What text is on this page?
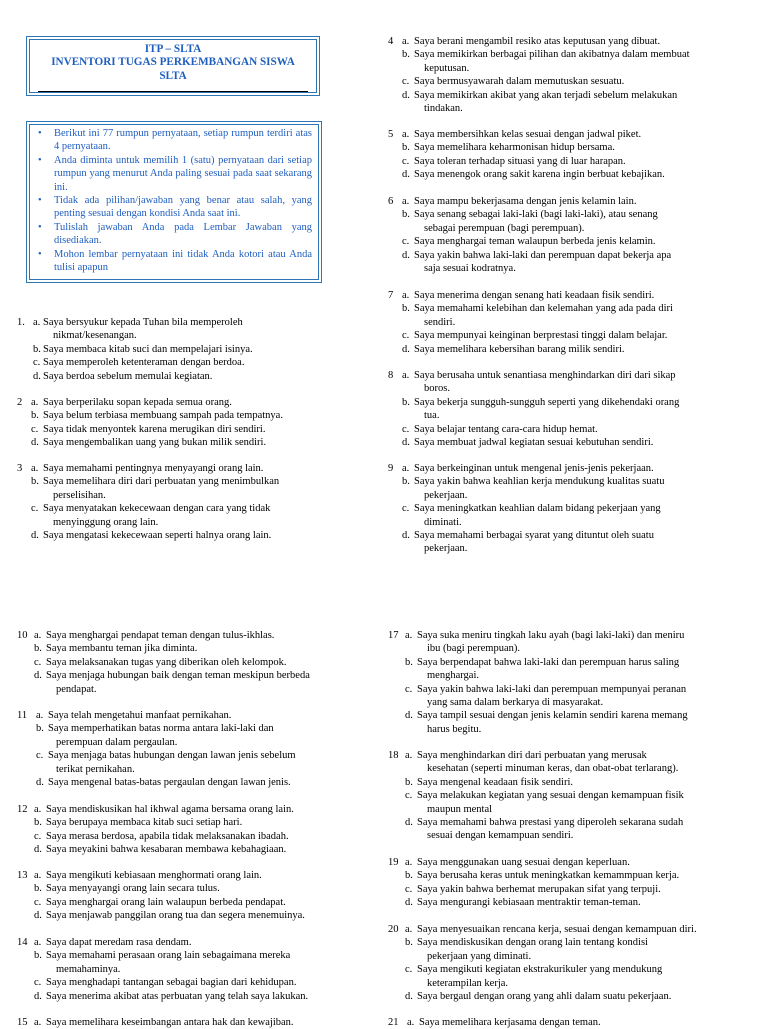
ITP – SLTA
INVENTORI TUGAS PERKEMBANGAN SISWA
SLTA
• Berikut ini 77 rumpun pernyataan, setiap rumpun terdiri atas 4 pernyataan.
• Anda diminta untuk memilih 1 (satu) pernyataan dari setiap rumpun yang menurut Anda paling sesuai pada saat sekarang ini.
• Tidak ada pilihan/jawaban yang benar atau salah, yang penting sesuai dengan kondisi Anda saat ini.
• Tulislah jawaban Anda pada Lembar Jawaban yang disediakan.
• Mohon lembar pernyataan ini tidak Anda kotori atau Anda tulisi apapun
1. a. Saya bersyukur kepada Tuhan bila memperoleh
nikmat/kesenangan.
b. Saya membaca kitab suci dan mempelajari isinya.
c. Saya memperoleh ketenteraman dengan berdoa.
d. Saya berdoa sebelum memulai kegiatan.
2 a. Saya berperilaku sopan kepada semua orang.
b. Saya belum terbiasa membuang sampah pada tempatnya.
c. Saya tidak menyontek karena merugikan diri sendiri.
d. Saya mengembalikan uang yang bukan milik sendiri.
3 a. Saya memahami pentingnya menyayangi orang lain.
b. Saya memelihara diri dari perbuatan yang menimbulkan
perselisihan.
c. Saya menyatakan kekecewaan dengan cara yang tidak
menyinggung orang lain.
d. Saya mengatasi kekecewaan seperti halnya orang lain.
4 a. Saya berani mengambil resiko atas keputusan yang dibuat.
b. Saya memikirkan berbagai pilihan dan akibatnya dalam membuat
keputusan.
c. Saya bermusyawarah dalam memutuskan sesuatu.
d. Saya memikirkan akibat yang akan terjadi sebelum melakukan
tindakan.
5 a. Saya membersihkan kelas sesuai dengan jadwal piket.
b. Saya memelihara keharmonisan hidup bersama.
c. Saya toleran terhadap situasi yang di luar harapan.
d. Saya menengok orang sakit karena ingin berbuat kebajikan.
6 a. Saya mampu bekerjasama dengan jenis kelamin lain.
b. Saya senang sebagai laki-laki (bagi laki-laki), atau senang
sebagai perempuan (bagi perempuan).
c. Saya menghargai teman walaupun berbeda jenis kelamin.
d. Saya yakin bahwa laki-laki dan perempuan dapat bekerja apa
saja sesuai kodratnya.
7 a. Saya menerima dengan senang hati keadaan fisik sendiri.
b. Saya memahami kelebihan dan kelemahan yang ada pada diri
sendiri.
c. Saya mempunyai keinginan berprestasi tinggi dalam belajar.
d. Saya memelihara kebersihan barang milik sendiri.
8 a. Saya berusaha untuk senantiasa menghindarkan diri dari sikap
boros.
b. Saya bekerja sungguh-sungguh seperti yang dikehendaki orang
tua.
c. Saya belajar tentang cara-cara hidup hemat.
d. Saya membuat jadwal kegiatan sesuai kebutuhan sendiri.
9 a. Saya berkeinginan untuk mengenal jenis-jenis pekerjaan.
b. Saya yakin bahwa keahlian kerja mendukung kualitas suatu
pekerjaan.
c. Saya meningkatkan keahlian dalam bidang pekerjaan yang
diminati.
d. Saya memahami berbagai syarat yang dituntut oleh suatu
pekerjaan.
10 a. Saya menghargai pendapat teman dengan tulus-ikhlas.
b. Saya membantu teman jika diminta.
c. Saya melaksanakan tugas yang diberikan oleh kelompok.
d. Saya menjaga hubungan baik dengan teman meskipun berbeda
pendapat.
11 a. Saya telah mengetahui manfaat pernikahan.
b. Saya memperhatikan batas norma antara laki-laki dan
perempuan dalam pergaulan.
c. Saya menjaga batas hubungan dengan lawan jenis sebelum
terikat pernikahan.
d. Saya mengenal batas-batas pergaulan dengan lawan jenis.
12 a. Saya mendiskusikan hal ikhwal agama bersama orang lain.
b. Saya berupaya membaca kitab suci setiap hari.
c. Saya merasa berdosa, apabila tidak melaksanakan ibadah.
d. Saya meyakini bahwa kesabaran membawa kebahagiaan.
13 a. Saya mengikuti kebiasaan menghormati orang lain.
b. Saya menyayangi orang lain secara tulus.
c. Saya menghargai orang lain walaupun berbeda pendapat.
d. Saya menjawab panggilan orang tua dan segera menemuinya.
14 a. Saya dapat meredam rasa dendam.
b. Saya memahami perasaan orang lain sebagaimana mereka
memahaminya.
c. Saya menghadapi tantangan sebagai bagian dari kehidupan.
d. Saya menerima akibat atas perbuatan yang telah saya lakukan.
15 a. Saya memelihara keseimbangan antara hak dan kewajiban.
17 a. Saya suka meniru tingkah laku ayah (bagi laki-laki) dan meniru
ibu (bagi perempuan).
b. Saya berpendapat bahwa laki-laki dan perempuan harus saling
menghargai.
c. Saya yakin bahwa laki-laki dan perempuan mempunyai peranan
yang sama dalam berkarya di masyarakat.
d. Saya tampil sesuai dengan jenis kelamin sendiri karena memang
harus begitu.
18 a. Saya menghindarkan diri dari perbuatan yang merusak
kesehatan (seperti minuman keras, dan obat-obat terlarang).
b. Saya mengenal keadaan fisik sendiri.
c. Saya melakukan kegiatan yang sesuai dengan kemampuan fisik
maupun mental
d. Saya memahami bahwa prestasi yang diperoleh sekarana sudah
sesuai dengan kemampuan sendiri.
19 a. Saya menggunakan uang sesuai dengan keperluan.
b. Saya berusaha keras untuk meningkatkan kemammpuan kerja.
c. Saya yakin bahwa berhemat merupakan sifat yang terpuji.
d. Saya mengurangi kebiasaan mentraktir teman-teman.
20 a. Saya menyesuaikan rencana kerja, sesuai dengan kemampuan diri.
b. Saya mendiskusikan dengan orang lain tentang kondisi
pekerjaan yang diminati.
c. Saya mengikuti kegiatan ekstrakurikuler yang mendukung
keterampilan kerja.
d. Saya bergaul dengan orang yang ahli dalam suatu pekerjaan.
21 a. Saya memelihara kerjasama dengan teman.
